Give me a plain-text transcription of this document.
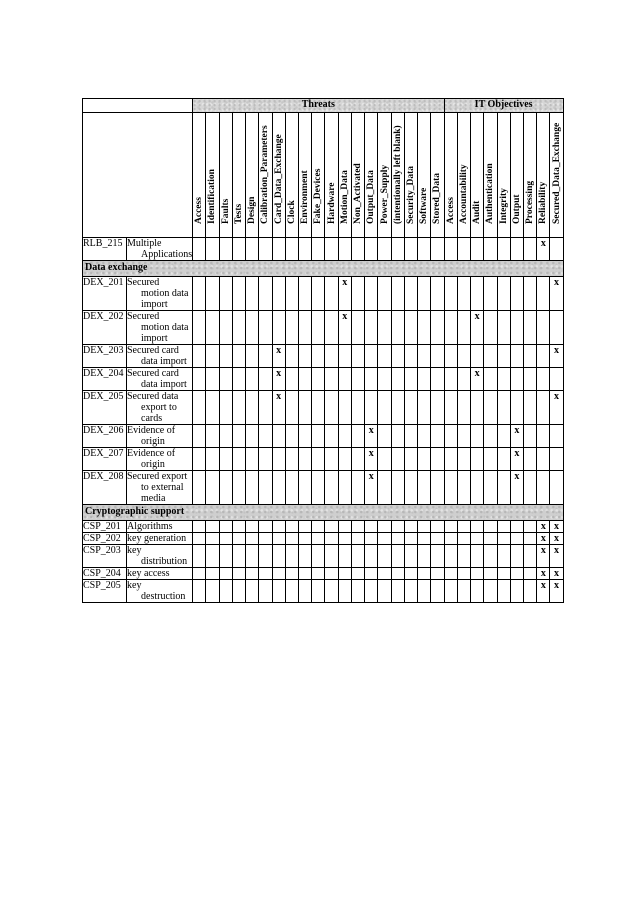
		Threats																			IT Objectives								

		Access	Identification	Faults	Tests	Design	Calibration_Parameters	Card_Data_Exchange	Clock	Environment	Fake_Devices	Hardware	Motion_Data	Non_Activated	Output_Data	Power_Supply	(intentionally left blank)	Security_Data	Software	Stored_Data	Access	Accountability	Audit	Authentication	Integrity	Output	Processing	Reliability	Secured_Data_Exchange

RLB_215	Multiple
Applications																											x	
Data exchange																													
DEX_201	Secured
motion data
import												x																x
DEX_202	Secured
motion data
import												x										x						
DEX_203	Secured card
data import							x																					x
DEX_204	Secured card
data import							x															x						
DEX_205	Secured data
export to cards							x																					x
DEX_206	Evidence of
origin														x											x			
DEX_207	Evidence of
origin														x											x			
DEX_208	Secured export
to external
media														x											x			
Cryptographic support																													
CSP_201	Algorithms																											x	x
CSP_202	key generation																											x	x
CSP_203	key
distribution																											x	x
CSP_204	key access																											x	x
CSP_205	key
destruction																											x	x
